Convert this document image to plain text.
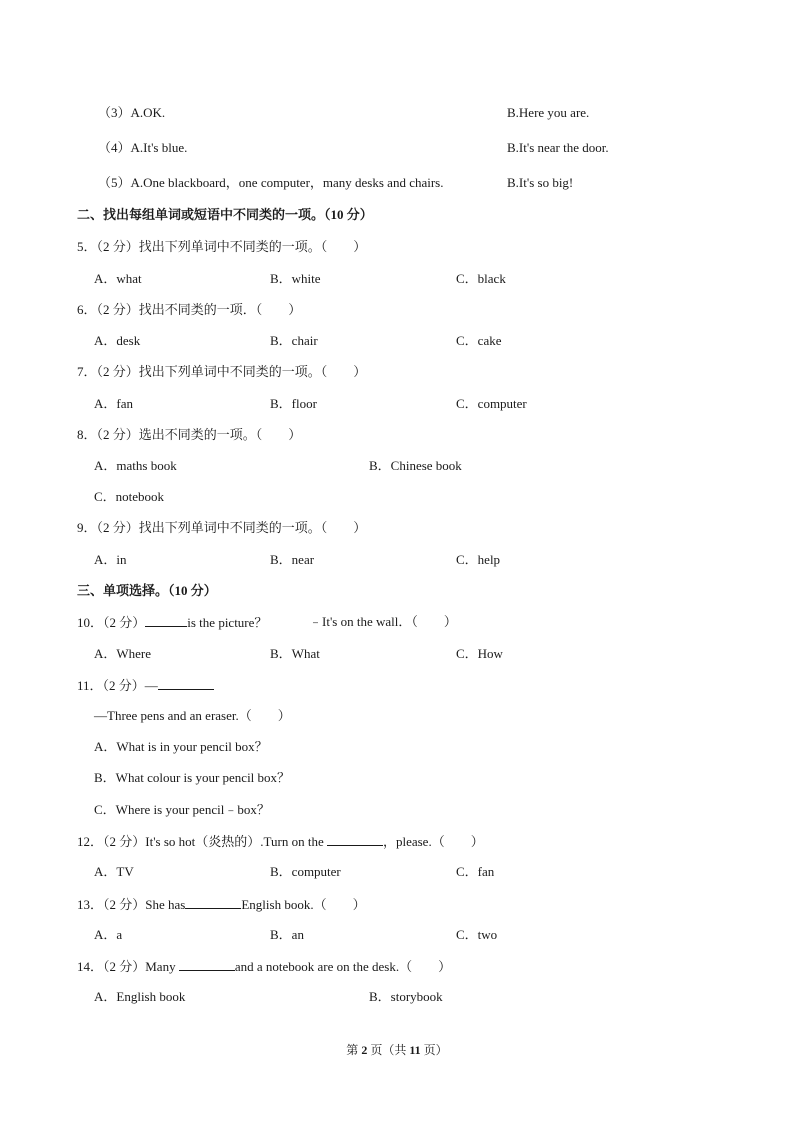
（3）A.OK.	B.Here you are.
（4）A.It's blue.	B.It's near the door.
（5）A.One blackboard，one computer，many desks and chairs.	B.It's so big!
二、找出每组单词或短语中不同类的一项。（10 分）
5．（2 分）找出下列单词中不同类的一项。（　　）
A．what	B．white	C．black
6．（2 分）找出不同类的一项．（　　）
A．desk	B．chair	C．cake
7．（2 分）找出下列单词中不同类的一项。（　　）
A．fan	B．floor	C．computer
8．（2 分）选出不同类的一项。（　　）
A．maths book	B．Chinese book
C．notebook
9．（2 分）找出下列单词中不同类的一项。（　　）
A．in	B．near	C．help
三、单项选择。（10 分）
10．（2 分）	is the picture？	﹣It's on the wall．（　　）
A．Where	B．What	C．How
11．（2 分）—
—Three pens and an eraser.（　　）
A．What is in your pencil box？
B．What colour is your pencil box？
C．Where is your pencil﹣box？
12．（2 分）It's so hot（炎热的）.Turn on the	，please.（　　）
A．TV	B．computer	C．fan
13．（2 分）She has	English book.（　　）
A．a	B．an	C．two
14．（2 分）Many	and a notebook are on the desk.（　　）
A．English book	B．storybook
第 2 页（共 11 页）
